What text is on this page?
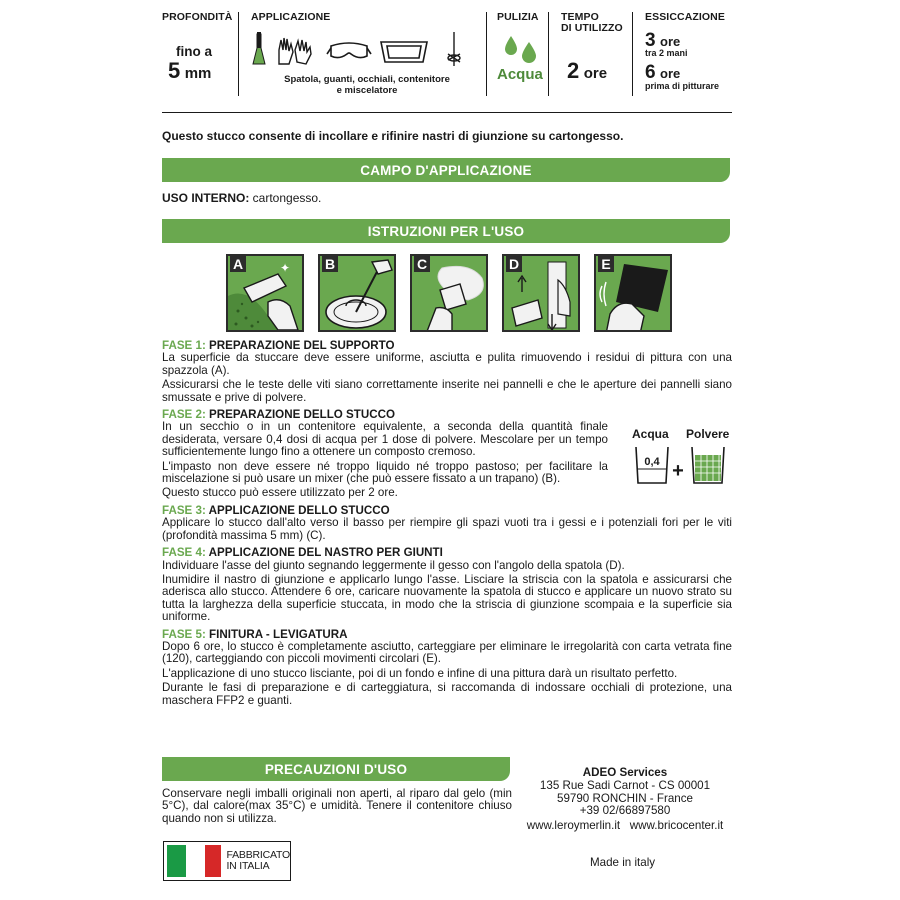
PROFONDITÀ
fino a
5 mm
APPLICAZIONE
Spatola, guanti, occhiali, contenitore
e miscelatore
PULIZIA
Acqua
TEMPO
DI UTILIZZO
2 ore
ESSICCAZIONE
3 ore
tra 2 mani
6 ore
prima di pitturare
Questo stucco consente di incollare e rifinire nastri di giunzione su cartongesso.
CAMPO D'APPLICAZIONE
USO INTERNO: cartongesso.
ISTRUZIONI PER L'USO
✦
A	B	C	D	E
FASE 1: PREPARAZIONE DEL SUPPORTO

La superficie da stuccare deve essere uniforme, asciutta e pulita rimuovendo i residui di pittura con una spazzola (A).

Assicurarsi che le teste delle viti siano correttamente inserite nei pannelli e che le aperture dei pannelli siano smussate e prive di polvere.

FASE 2: PREPARAZIONE DELLO STUCCO

In un secchio o in un contenitore equivalente, a seconda della quantità finale desiderata, versare 0,4 dosi di acqua per 1 dose di polvere. Mescolare per un tempo sufficientemente lungo fino a ottenere un composto cremoso.

L'impasto non deve essere né troppo liquido né troppo pastoso; per facilitare la miscelazione si può usare un mixer (che può essere fissato a un trapano) (B).

Questo stucco può essere utilizzato per 2 ore.

FASE 3: APPLICAZIONE DELLO STUCCO

Applicare lo stucco dall'alto verso il basso per riempire gli spazi vuoti tra i gessi e i potenziali fori per le viti (profondità massima 5 mm) (C).

FASE 4: APPLICAZIONE DEL NASTRO PER GIUNTI

Individuare l'asse del giunto segnando leggermente il gesso con l'angolo della spatola (D).

Inumidire il nastro di giunzione e applicarlo lungo l'asse. Lisciare la striscia con la spatola e assicurarsi che aderisca allo stucco. Attendere 6 ore, caricare nuovamente la spatola di stucco e applicare un nuovo strato su tutta la larghezza della superficie stuccata, in modo che la striscia di giunzione scompaia e la superficie sia uniforme.

FASE 5: FINITURA - LEVIGATURA

Dopo 6 ore, lo stucco è completamente asciutto, carteggiare per eliminare le irregolarità con carta vetrata fine (120), carteggiando con piccoli movimenti circolari (E).

L'applicazione di uno stucco lisciante, poi di un fondo e infine di una pittura darà un risultato perfetto.

Durante le fasi di preparazione e di carteggiatura, si raccomanda di indossare occhiali di protezione, una maschera FFP2 e guanti.

Acqua Polvere
0,4 +
PRECAUZIONI D'USO
Conservare negli imballi originali non aperti, al riparo dal gelo (min 5°C), dal calore(max 35°C) e umidità. Tenere il contenitore chiuso quando non si utilizza.
ADEO Services
135 Rue Sadi Carnot - CS 00001
59790 RONCHIN - France
+39 02/66897580
www.leroymerlin.it   www.bricocenter.it
FABBRICATO
IN ITALIA	Made in italy
